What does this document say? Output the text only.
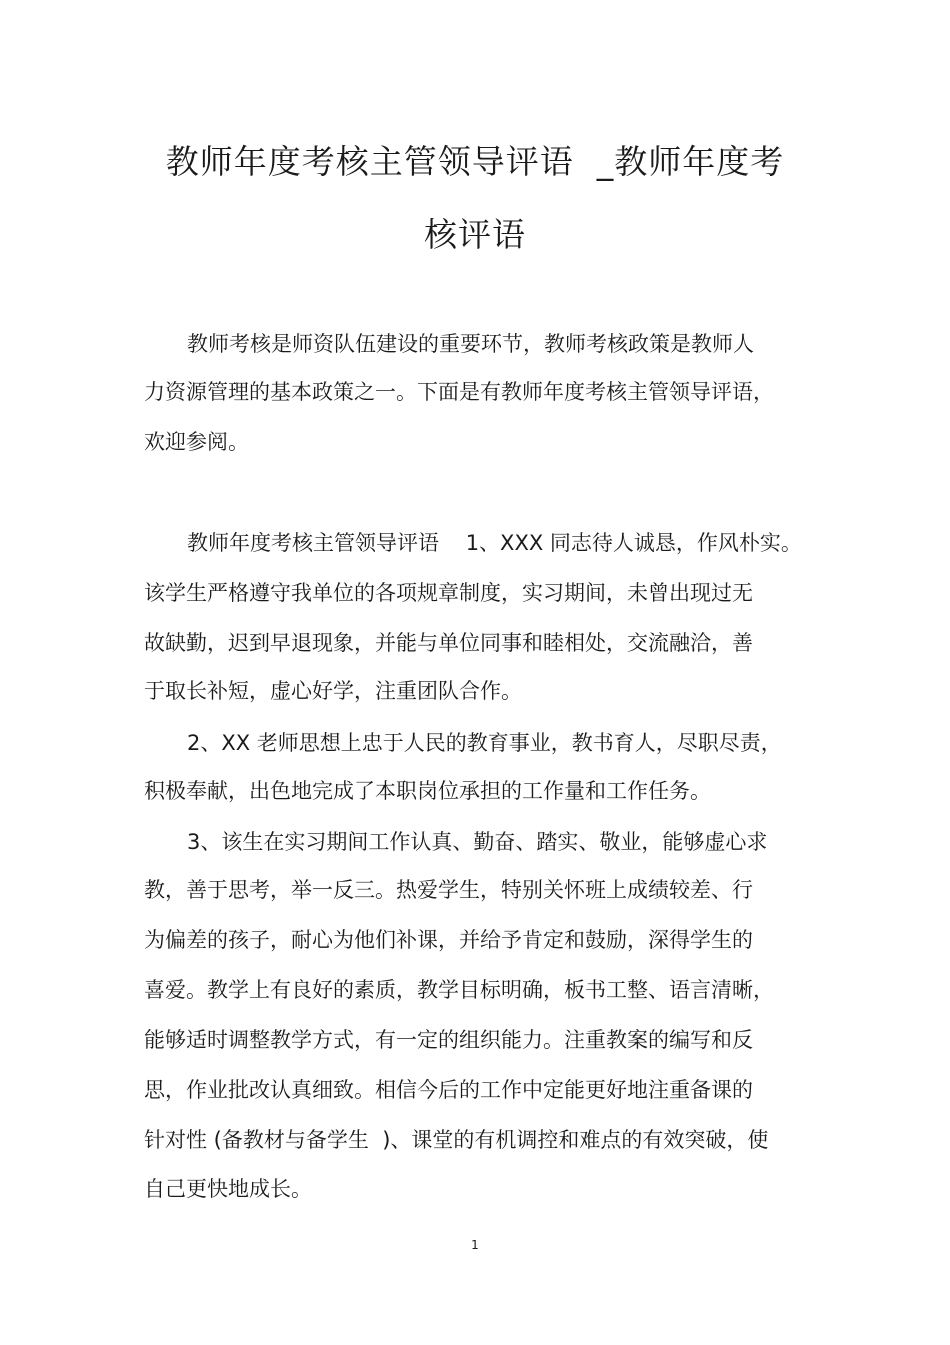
教师年度考核主管领导评语  _教师年度考
核评语
教师考核是师资队伍建设的重要环节，教师考核政策是教师人
力资源管理的基本政策之一。下面是有教师年度考核主管领导评语，
欢迎参阅。
教师年度考核主管领导评语    1、XXX 同志待人诚恳，作风朴实。
该学生严格遵守我单位的各项规章制度，实习期间，未曾出现过无
故缺勤，迟到早退现象，并能与单位同事和睦相处，交流融洽，善
于取长补短，虚心好学，注重团队合作。
2、XX 老师思想上忠于人民的教育事业，教书育人，尽职尽责，
积极奉献，出色地完成了本职岗位承担的工作量和工作任务。
3、该生在实习期间工作认真、勤奋、踏实、敬业，能够虚心求
教，善于思考，举一反三。热爱学生，特别关怀班上成绩较差、行
为偏差的孩子，耐心为他们补课，并给予肯定和鼓励，深得学生的
喜爱。教学上有良好的素质，教学目标明确，板书工整、语言清晰，
能够适时调整教学方式，有一定的组织能力。注重教案的编写和反
思，作业批改认真细致。相信今后的工作中定能更好地注重备课的
针对性 (备教材与备学生  )、课堂的有机调控和难点的有效突破，使
自己更快地成长。
1
